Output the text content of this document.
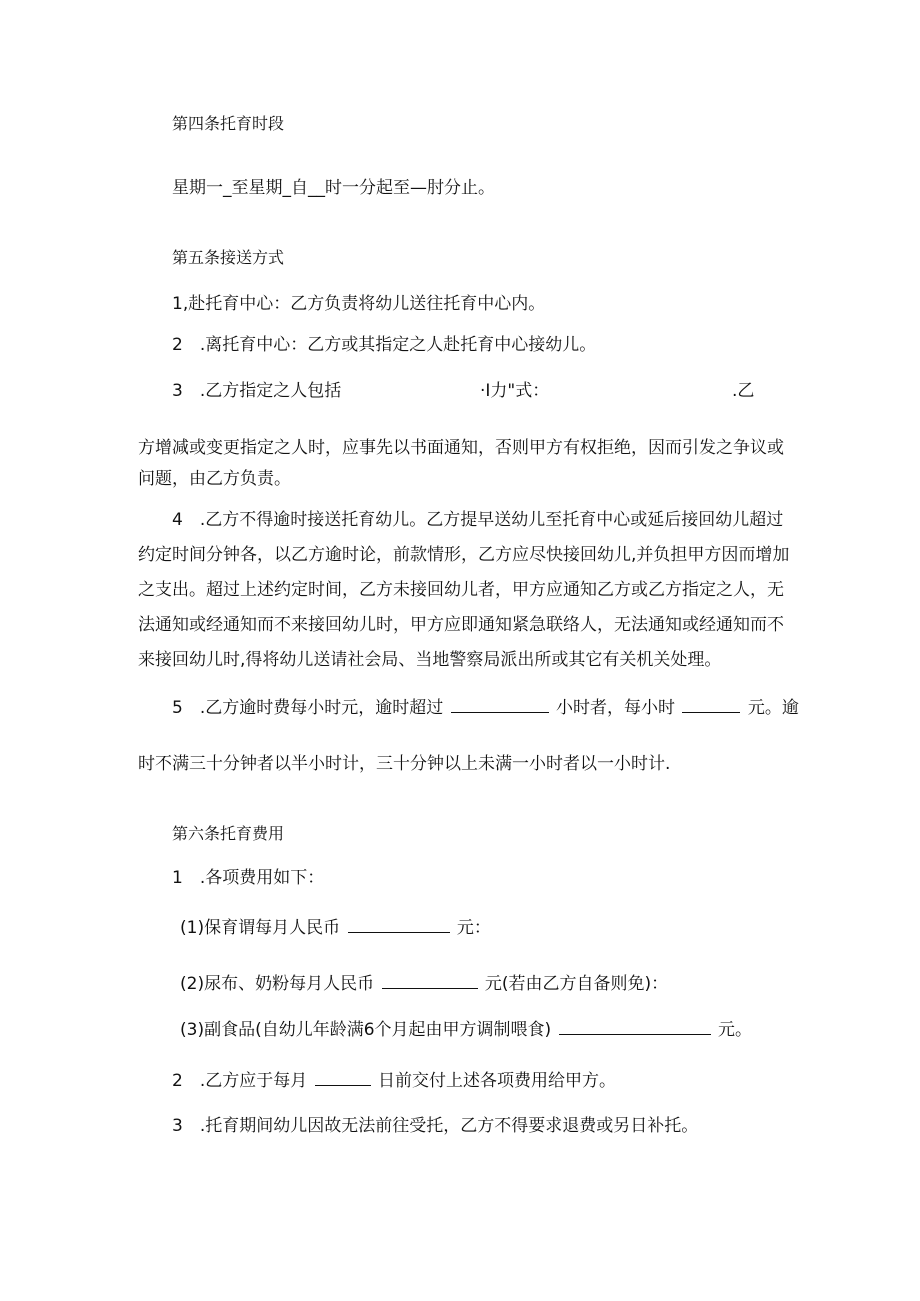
第四条托育时段
星期一_至星期_自__时一分起至—肘分止。
第五条接送方式
1,赴托育中心：乙方负责将幼儿送往托育中心内。
2　.离托育中心：乙方或其指定之人赴托育中心接幼儿。
3　.乙方指定之人包括	·I力"式：	.乙
方增减或变更指定之人时，应事先以书面通知，否则甲方有权拒绝，因而引发之争议或
问题，由乙方负责。
4　.乙方不得逾时接送托育幼儿。乙方提早送幼儿至托育中心或延后接回幼儿超过
约定时间分钟各，以乙方逾时论，前款情形，乙方应尽快接回幼儿,并负担甲方因而增加
之支出。超过上述约定时间，乙方未接回幼儿者，甲方应通知乙方或乙方指定之人，无
法通知或经通知而不来接回幼儿时，甲方应即通知紧急联络人，无法通知或经通知而不
来接回幼儿时,得将幼儿送请社会局、当地警察局派出所或其它有关机关处理。
5　.乙方逾时费每小时元，逾时超过	小时者，每小时	元。逾
时不满三十分钟者以半小时计，三十分钟以上未满一小时者以一小时计.
第六条托育费用
1　.各项费用如下：
(1)保育谓每月人民币	元：
(2)尿布、奶粉每月人民币	元(若由乙方自备则免)：
(3)副食品(自幼儿年龄满6个月起由甲方调制喂食)	元。
2　.乙方应于每月	日前交付上述各项费用给甲方。
3　.托育期间幼儿因故无法前往受托，乙方不得要求退费或另日补托。
